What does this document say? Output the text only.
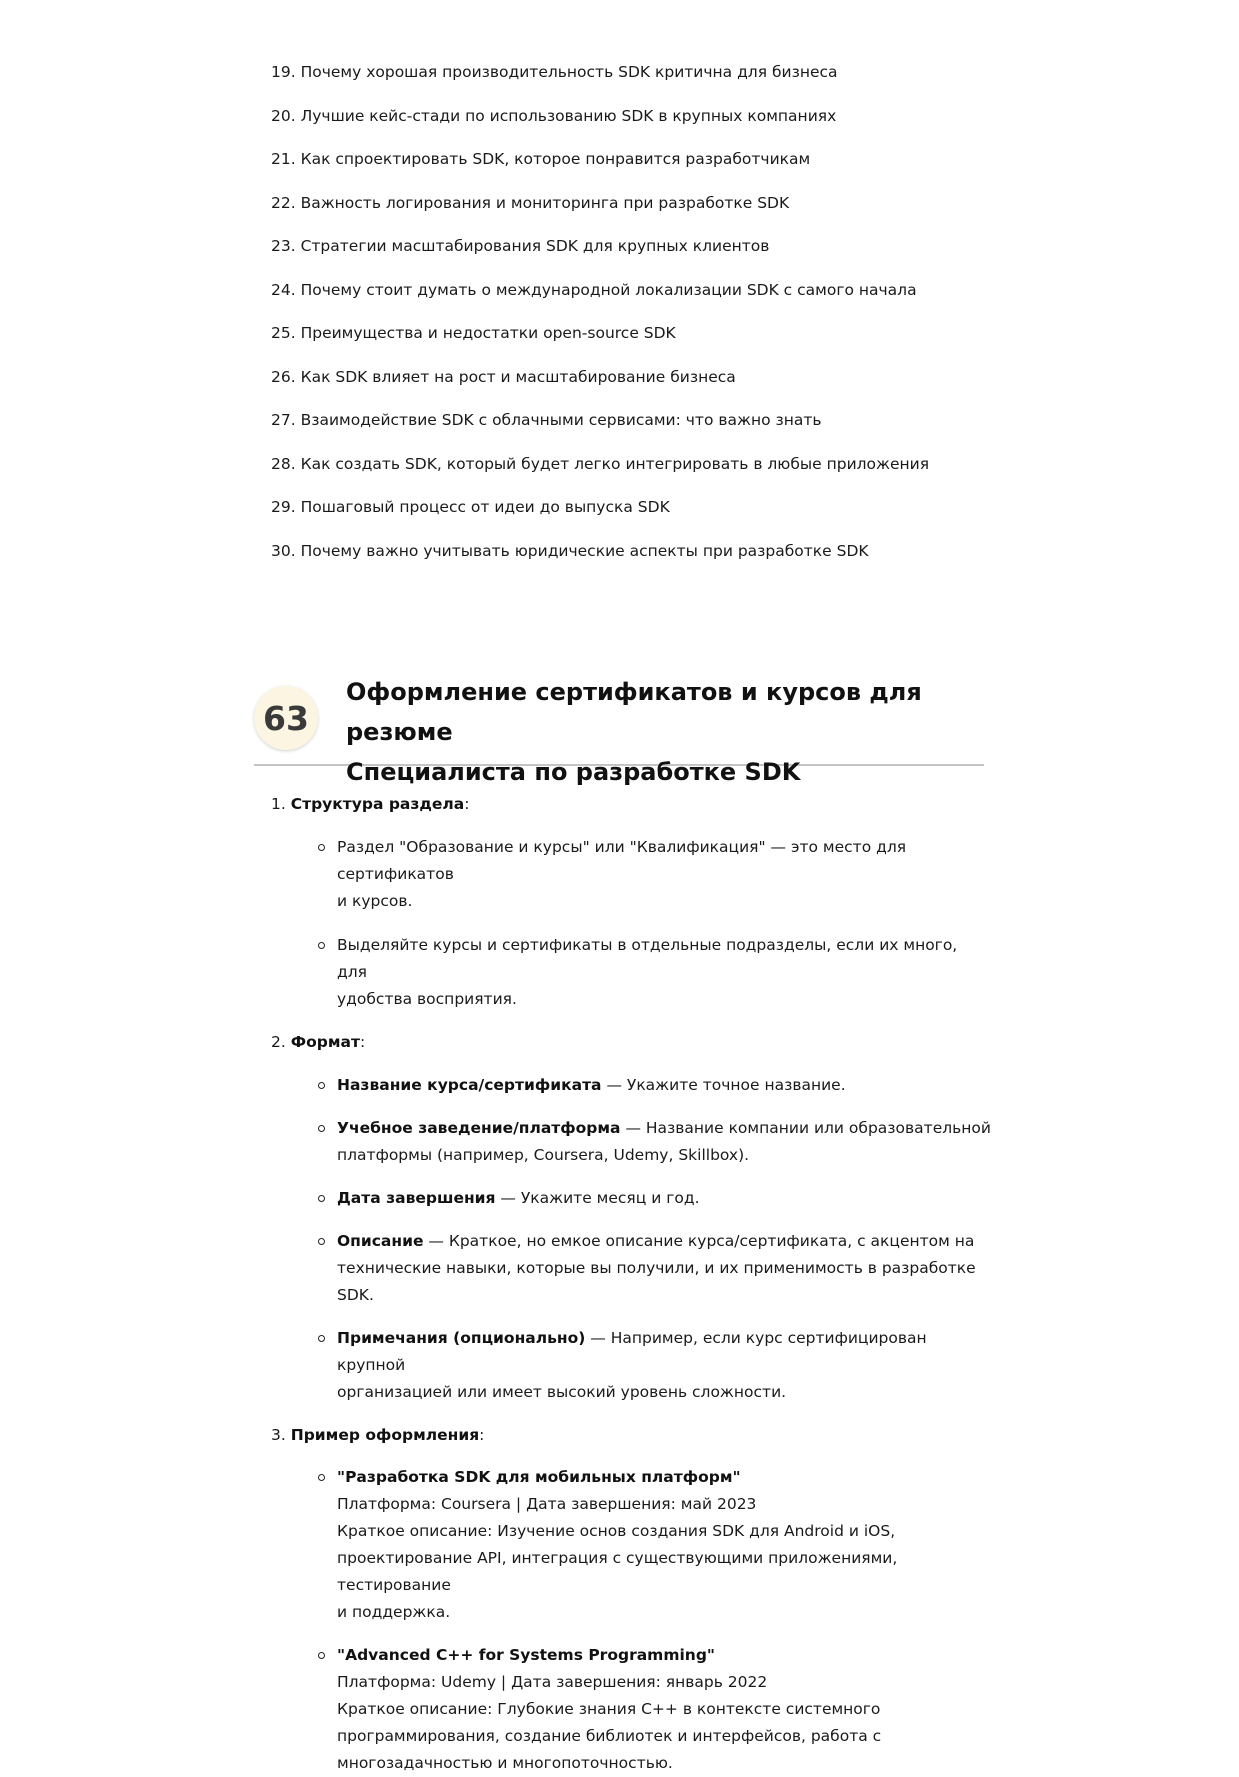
19. Почему хорошая производительность SDK критична для бизнеса
20. Лучшие кейс-стади по использованию SDK в крупных компаниях
21. Как спроектировать SDK, которое понравится разработчикам
22. Важность логирования и мониторинга при разработке SDK
23. Стратегии масштабирования SDK для крупных клиентов
24. Почему стоит думать о международной локализации SDK с самого начала
25. Преимущества и недостатки open-source SDK
26. Как SDK влияет на рост и масштабирование бизнеса
27. Взаимодействие SDK с облачными сервисами: что важно знать
28. Как создать SDK, который будет легко интегрировать в любые приложения
29. Пошаговый процесс от идеи до выпуска SDK
30. Почему важно учитывать юридические аспекты при разработке SDK
63
Оформление сертификатов и курсов для резюме
Специалиста по разработке SDK
1. Структура раздела:
Раздел "Образование и курсы" или "Квалификация" — это место для сертификатов
и курсов.
Выделяйте курсы и сертификаты в отдельные подразделы, если их много, для
удобства восприятия.
2. Формат:
Название курса/сертификата — Укажите точное название.
Учебное заведение/платформа — Название компании или образовательной
платформы (например, Coursera, Udemy, Skillbox).
Дата завершения — Укажите месяц и год.
Описание — Краткое, но емкое описание курса/сертификата, с акцентом на
технические навыки, которые вы получили, и их применимость в разработке SDK.
Примечания (опционально) — Например, если курс сертифицирован крупной
организацией или имеет высокий уровень сложности.
3. Пример оформления:
"Разработка SDK для мобильных платформ"
Платформа: Coursera | Дата завершения: май 2023
Краткое описание: Изучение основ создания SDK для Android и iOS,
проектирование API, интеграция с существующими приложениями, тестирование
и поддержка.
"Advanced C++ for Systems Programming"
Платформа: Udemy | Дата завершения: январь 2022
Краткое описание: Глубокие знания C++ в контексте системного
программирования, создание библиотек и интерфейсов, работа с
многозадачностью и многопоточностью.
